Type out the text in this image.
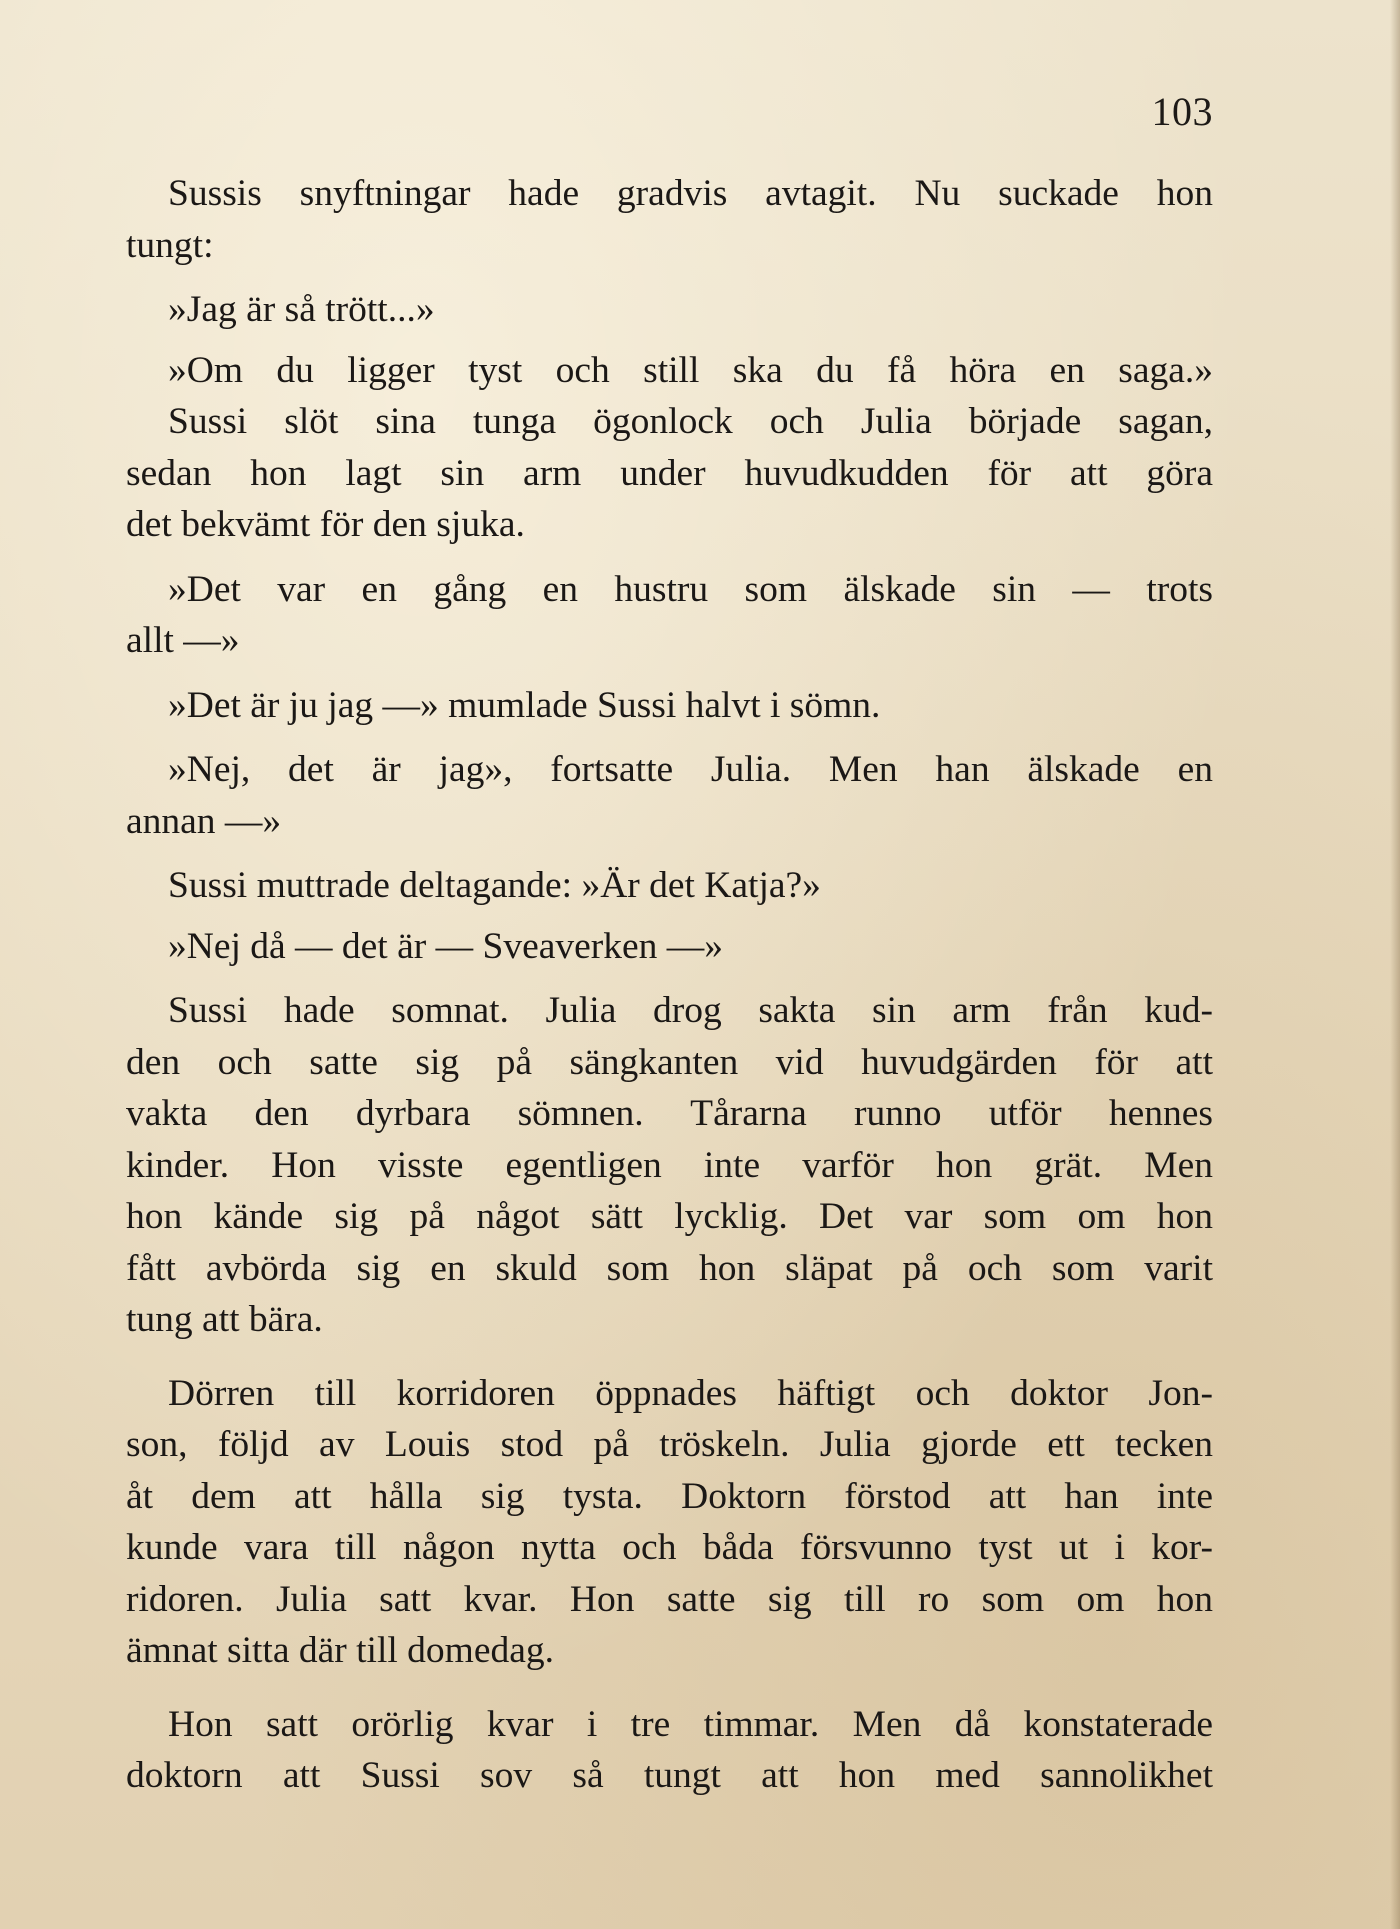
103
Sussis snyftningar hade gradvis avtagit. Nu suckade hon
tungt:
»Jag är så trött...»
»Om du ligger tyst och still ska du få höra en saga.»
Sussi slöt sina tunga ögonlock och Julia började sagan,
sedan hon lagt sin arm under huvudkudden för att göra
det bekvämt för den sjuka.
»Det var en gång en hustru som älskade sin — trots
allt —»
»Det är ju jag —» mumlade Sussi halvt i sömn.
»Nej, det är jag», fortsatte Julia. Men han älskade en
annan —»
Sussi muttrade deltagande: »Är det Katja?»
»Nej då — det är — Sveaverken —»
Sussi hade somnat. Julia drog sakta sin arm från kud-
den och satte sig på sängkanten vid huvudgärden för att
vakta den dyrbara sömnen. Tårarna runno utför hennes
kinder. Hon visste egentligen inte varför hon grät. Men
hon kände sig på något sätt lycklig. Det var som om hon
fått avbörda sig en skuld som hon släpat på och som varit
tung att bära.
Dörren till korridoren öppnades häftigt och doktor Jon-
son, följd av Louis stod på tröskeln. Julia gjorde ett tecken
åt dem att hålla sig tysta. Doktorn förstod att han inte
kunde vara till någon nytta och båda försvunno tyst ut i kor-
ridoren. Julia satt kvar. Hon satte sig till ro som om hon
ämnat sitta där till domedag.
Hon satt orörlig kvar i tre timmar. Men då konstaterade
doktorn att Sussi sov så tungt att hon med sannolikhet
